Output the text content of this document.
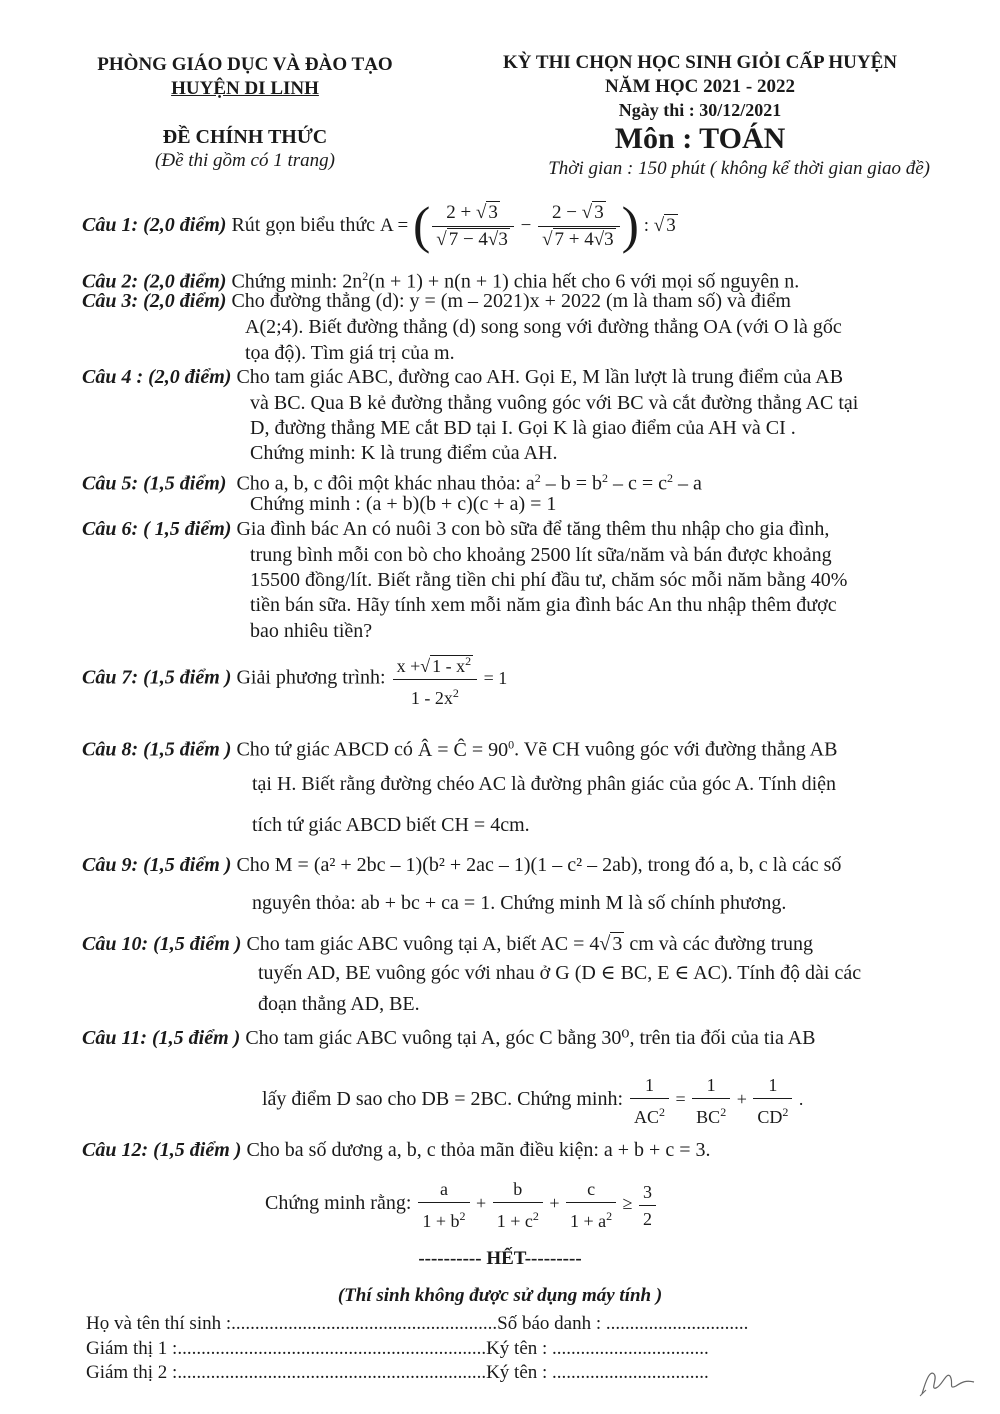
PHÒNG GIÁO DỤC VÀ ĐÀO TẠO
HUYỆN DI LINH
ĐỀ CHÍNH THỨC
(Đề thi gồm có 1 trang)
KỲ THI CHỌN HỌC SINH GIỎI CẤP HUYỆN
NĂM HỌC 2021 - 2022
Ngày thi : 30/12/2021
Môn : TOÁN
Thời gian : 150 phút ( không kể thời gian giao đề)
Câu 1: (2,0 điểm) Rút gọn biểu thức A = ( $\frac{2 + √ 3}{√ 7 - 4√3} - \frac{2 - √ 3}{√ 7 + 4√3}$ ) : √ 3
Câu 2: (2,0 điểm) Chứng minh: $2n^2(n + 1) + n(n + 1)$ chia hết cho 6 với mọi số nguyên n.
Câu 3: (2,0 điểm) Cho đường thẳng (d): y = (m – 2021)x + 2022 (m là tham số) và điểm
A(2;4). Biết đường thẳng (d) song song với đường thẳng OA (với O là gốc
tọa độ). Tìm giá trị của m.
Câu 4 : (2,0 điểm) Cho tam giác ABC, đường cao AH. Gọi E, M lần lượt là trung điểm của AB
và BC. Qua B kẻ đường thẳng vuông góc với BC và cắt đường thẳng AC tại
D, đường thẳng ME cắt BD tại I. Gọi K là giao điểm của AH và CI .
Chứng minh: K là trung điểm của AH.
Câu 5: (1,5 điểm) Cho a, b, c đôi một khác nhau thỏa: $a^2 - b = b^2 - c = c^2 - a$
Chứng minh : (a + b)(b + c)(c + a) = 1
Câu 6: ( 1,5 điểm) Gia đình bác An có nuôi 3 con bò sữa để tăng thêm thu nhập cho gia đình,
trung bình mỗi con bò cho khoảng 2500 lít sữa/năm và bán được khoảng
15500 đồng/lít. Biết rằng tiền chi phí đầu tư, chăm sóc mỗi năm bằng 40%
tiền bán sữa. Hãy tính xem mỗi năm gia đình bác An thu nhập thêm được
bao nhiêu tiền?
Câu 7: (1,5 điểm ) Giải phương trình: $\frac{x +√ 1 - x^2}{1 - 2x^2} = 1$
Câu 8: (1,5 điểm ) Cho tứ giác ABCD có Â = Ĉ = $90^0$. Vẽ CH vuông góc với đường thẳng AB
tại H. Biết rằng đường chéo AC là đường phân giác của góc A. Tính diện
tích tứ giác ABCD biết CH = 4cm.
Câu 9: (1,5 điểm ) Cho M = (a² + 2bc – 1)(b² + 2ac – 1)(1 – c² – 2ab), trong đó a, b, c là các số
nguyên thỏa: ab + bc + ca = 1. Chứng minh M là số chính phương.
Câu 10: (1,5 điểm ) Cho tam giác ABC vuông tại A, biết AC = 4√ 3 cm và các đường trung
tuyến AD, BE vuông góc với nhau ở G (D ∈ BC, E ∈ AC). Tính độ dài các
đoạn thẳng AD, BE.
Câu 11: (1,5 điểm ) Cho tam giác ABC vuông tại A, góc C bằng 30⁰, trên tia đối của tia AB
lấy điểm D sao cho DB = 2BC. Chứng minh: $\frac{1}{AC^2} = \frac{1}{BC^2} + \frac{1}{CD^2}$ .
Câu 12: (1,5 điểm ) Cho ba số dương a, b, c thỏa mãn điều kiện: a + b + c = 3.
Chứng minh rằng: $\frac{a}{1 + b^2} + \frac{b}{1 + c^2} + \frac{c}{1 + a^2} \ge \frac{3}{2}$
---------- HẾT---------
(Thí sinh không được sử dụng máy tính )
Họ và tên thí sinh :........................................................Số báo danh : ..............................
Giám thị 1 :.................................................................Ký tên : .................................
Giám thị 2 :.................................................................Ký tên : .................................
